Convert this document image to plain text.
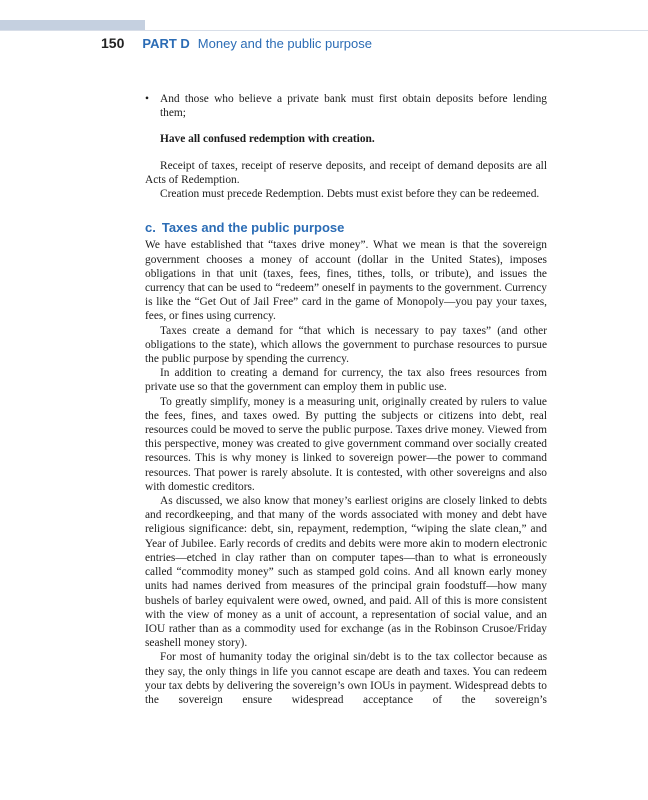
150 PART D Money and the public purpose
• And those who believe a private bank must first obtain deposits before lending them;

Have all confused redemption with creation.

Receipt of taxes, receipt of reserve deposits, and receipt of demand deposits are all Acts of Redemption.

Creation must precede Redemption. Debts must exist before they can be redeemed.

c. Taxes and the public purpose

We have established that “taxes drive money”. What we mean is that the sovereign government chooses a money of account (dollar in the United States), imposes obligations in that unit (taxes, fees, fines, tithes, tolls, or tribute), and issues the currency that can be used to “redeem” oneself in payments to the government. Currency is like the “Get Out of Jail Free” card in the game of Monopoly—you pay your taxes, fees, or fines using currency.

Taxes create a demand for “that which is necessary to pay taxes” (and other obligations to the state), which allows the government to purchase resources to pursue the public purpose by spending the currency.

In addition to creating a demand for currency, the tax also frees resources from private use so that the government can employ them in public use.

To greatly simplify, money is a measuring unit, originally created by rulers to value the fees, fines, and taxes owed. By putting the subjects or citizens into debt, real resources could be moved to serve the public purpose. Taxes drive money. Viewed from this perspective, money was created to give government command over socially created resources. This is why money is linked to sovereign power—the power to command resources. That power is rarely absolute. It is contested, with other sovereigns and also with domestic creditors.

As discussed, we also know that money’s earliest origins are closely linked to debts and recordkeeping, and that many of the words associated with money and debt have religious significance: debt, sin, repayment, redemption, “wiping the slate clean,” and Year of Jubilee. Early records of credits and debits were more akin to modern electronic entries—etched in clay rather than on computer tapes—than to what is erroneously called “commodity money” such as stamped gold coins. And all known early money units had names derived from measures of the principal grain foodstuff—how many bushels of barley equivalent were owed, owned, and paid. All of this is more consistent with the view of money as a unit of account, a representation of social value, and an IOU rather than as a commodity used for exchange (as in the Robinson Crusoe/Friday seashell money story).

For most of humanity today the original sin/debt is to the tax collector because as they say, the only things in life you cannot escape are death and taxes. You can redeem your tax debts by delivering the sovereign’s own IOUs in payment. Widespread debts to the sovereign ensure widespread acceptance of the sovereign’s
